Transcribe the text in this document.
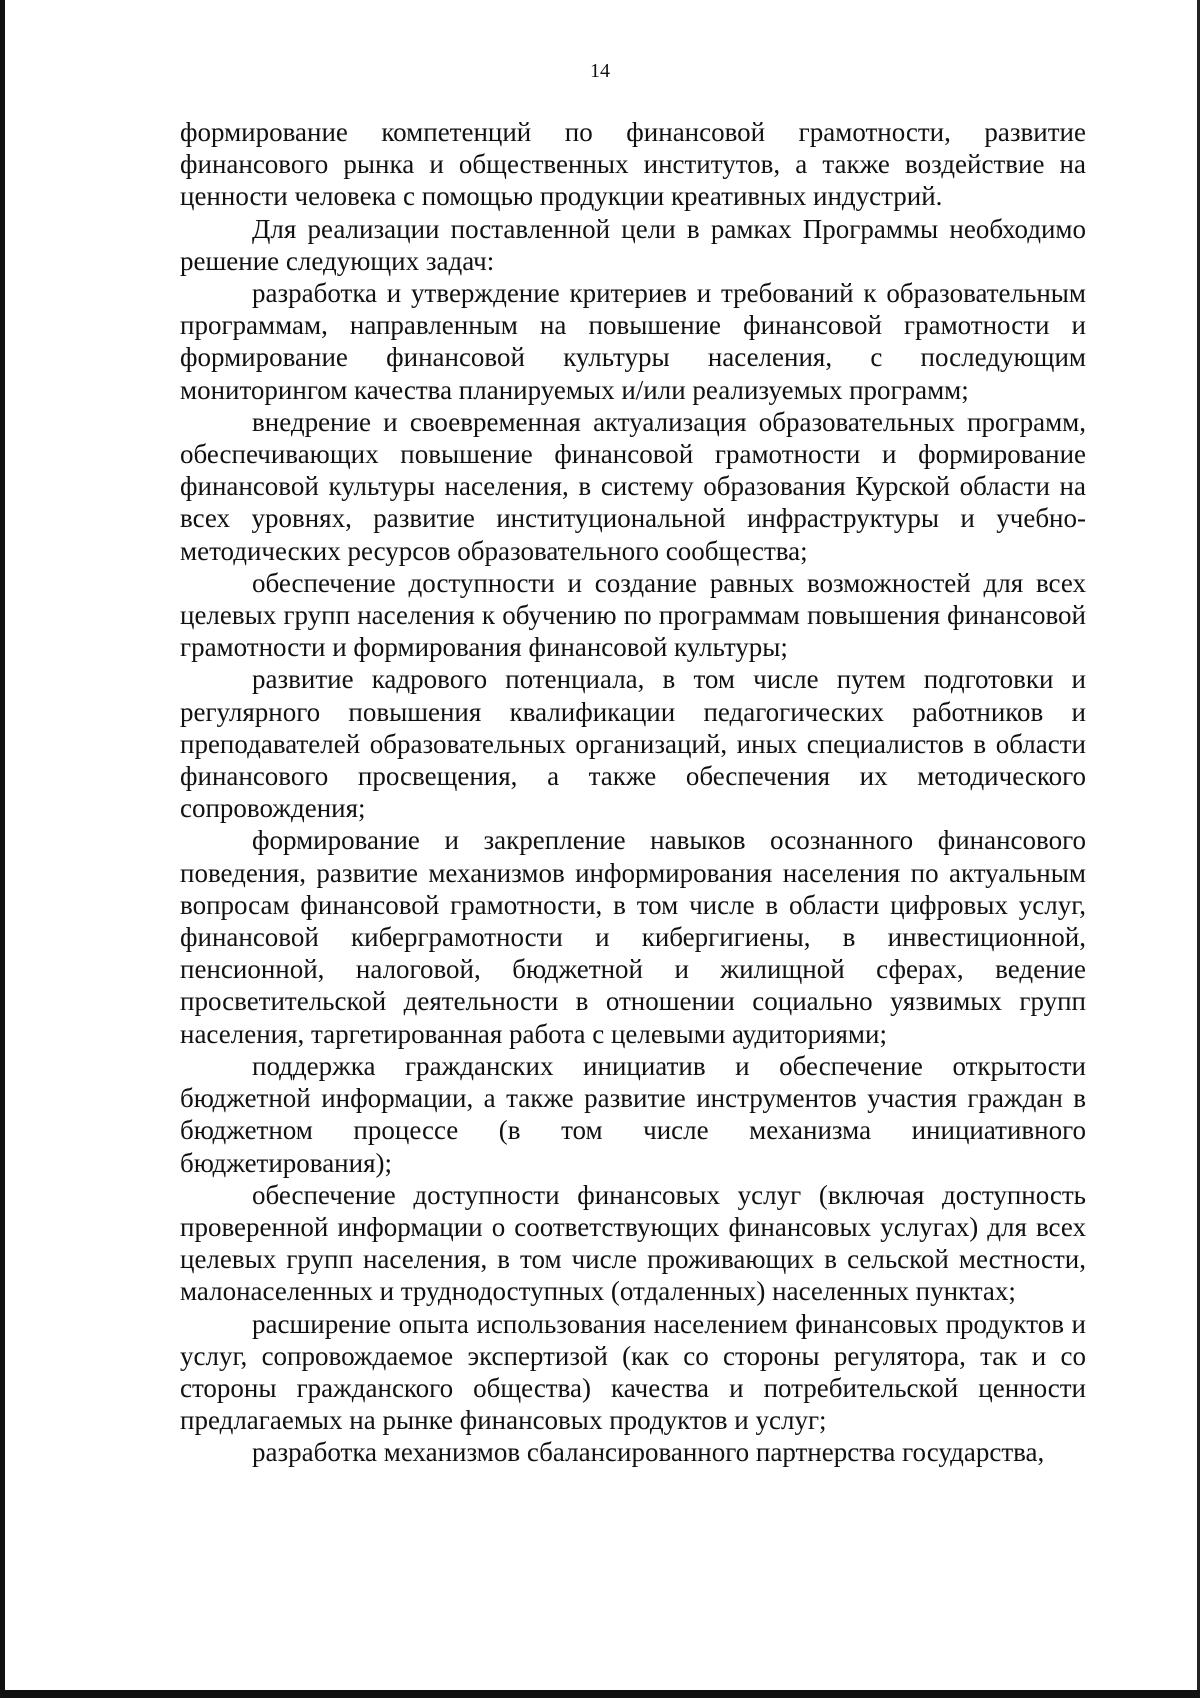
14

формирование компетенций по финансовой грамотности, развитие финансового рынка и общественных институтов, а также воздействие на ценности человека с помощью продукции креативных индустрий.

Для реализации поставленной цели в рамках Программы необходимо решение следующих задач:

разработка и утверждение критериев и требований к образовательным программам, направленным на повышение финансовой грамотности и формирование финансовой культуры населения, с последующим мониторингом качества планируемых и/или реализуемых программ;

внедрение и своевременная актуализация образовательных программ, обеспечивающих повышение финансовой грамотности и формирование финансовой культуры населения, в систему образования Курской области на всех уровнях, развитие институциональной инфраструктуры и учебно-методических ресурсов образовательного сообщества;

обеспечение доступности и создание равных возможностей для всех целевых групп населения к обучению по программам повышения финансовой грамотности и формирования финансовой культуры;

развитие кадрового потенциала, в том числе путем подготовки и регулярного повышения квалификации педагогических работников и преподавателей образовательных организаций, иных специалистов в области финансового просвещения, а также обеспечения их методического сопровождения;

формирование и закрепление навыков осознанного финансового поведения, развитие механизмов информирования населения по актуальным вопросам финансовой грамотности, в том числе в области цифровых услуг, финансовой киберграмотности и кибергигиены, в инвестиционной, пенсионной, налоговой, бюджетной и жилищной сферах, ведение просветительской деятельности в отношении социально уязвимых групп населения, таргетированная работа с целевыми аудиториями;

поддержка гражданских инициатив и обеспечение открытости бюджетной информации, а также развитие инструментов участия граждан в бюджетном процессе (в том числе механизма инициативного бюджетирования);

обеспечение доступности финансовых услуг (включая доступность проверенной информации о соответствующих финансовых услугах) для всех целевых групп населения, в том числе проживающих в сельской местности, малонаселенных и труднодоступных (отдаленных) населенных пунктах;

расширение опыта использования населением финансовых продуктов и услуг, сопровождаемое экспертизой (как со стороны регулятора, так и со стороны гражданского общества) качества и потребительской ценности предлагаемых на рынке финансовых продуктов и услуг;

разработка механизмов сбалансированного партнерства государства,
